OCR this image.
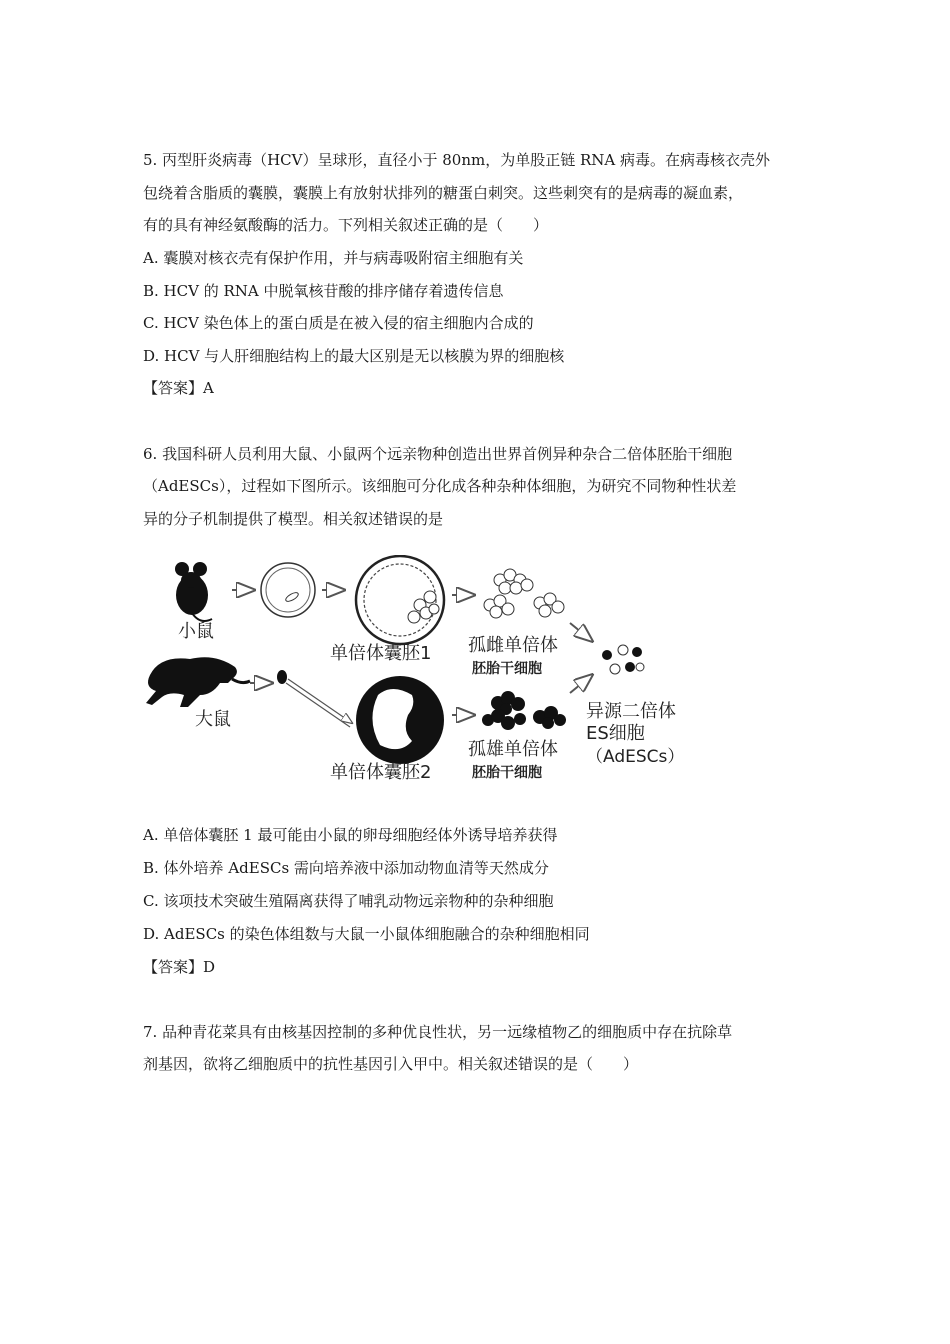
5. 丙型肝炎病毒（HCV）呈球形，直径小于 80nm，为单股正链 RNA 病毒。在病毒核衣壳外
包绕着含脂质的囊膜，囊膜上有放射状排列的糖蛋白刺突。这些刺突有的是病毒的凝血素，
有的具有神经氨酸酶的活力。下列相关叙述正确的是（　　）
A. 囊膜对核衣壳有保护作用，并与病毒吸附宿主细胞有关
B. HCV 的 RNA 中脱氧核苷酸的排序储存着遗传信息
C. HCV 染色体上的蛋白质是在被入侵的宿主细胞内合成的
D. HCV 与人肝细胞结构上的最大区别是无以核膜为界的细胞核
【答案】A
6. 我国科研人员利用大鼠、小鼠两个远亲物种创造出世界首例异种杂合二倍体胚胎干细胞
（AdESCs），过程如下图所示。该细胞可分化成各种杂种体细胞，为研究不同物种性状差
异的分子机制提供了模型。相关叙述错误的是
小鼠
单倍体囊胚1 孤雌单倍体
胚胎干细胞
大鼠
单倍体囊胚2
孤雄单倍体
胚胎干细胞
异源二倍体
ES细胞
（AdESCs）
A. 单倍体囊胚 1 最可能由小鼠的卵母细胞经体外诱导培养获得
B. 体外培养 AdESCs 需向培养液中添加动物血清等天然成分
C. 该项技术突破生殖隔离获得了哺乳动物远亲物种的杂种细胞
D. AdESCs 的染色体组数与大鼠一小鼠体细胞融合的杂种细胞相同
【答案】D
7. 品种青花菜具有由核基因控制的多种优良性状，另一远缘植物乙的细胞质中存在抗除草
剂基因，欲将乙细胞质中的抗性基因引入甲中。相关叙述错误的是（　　）
